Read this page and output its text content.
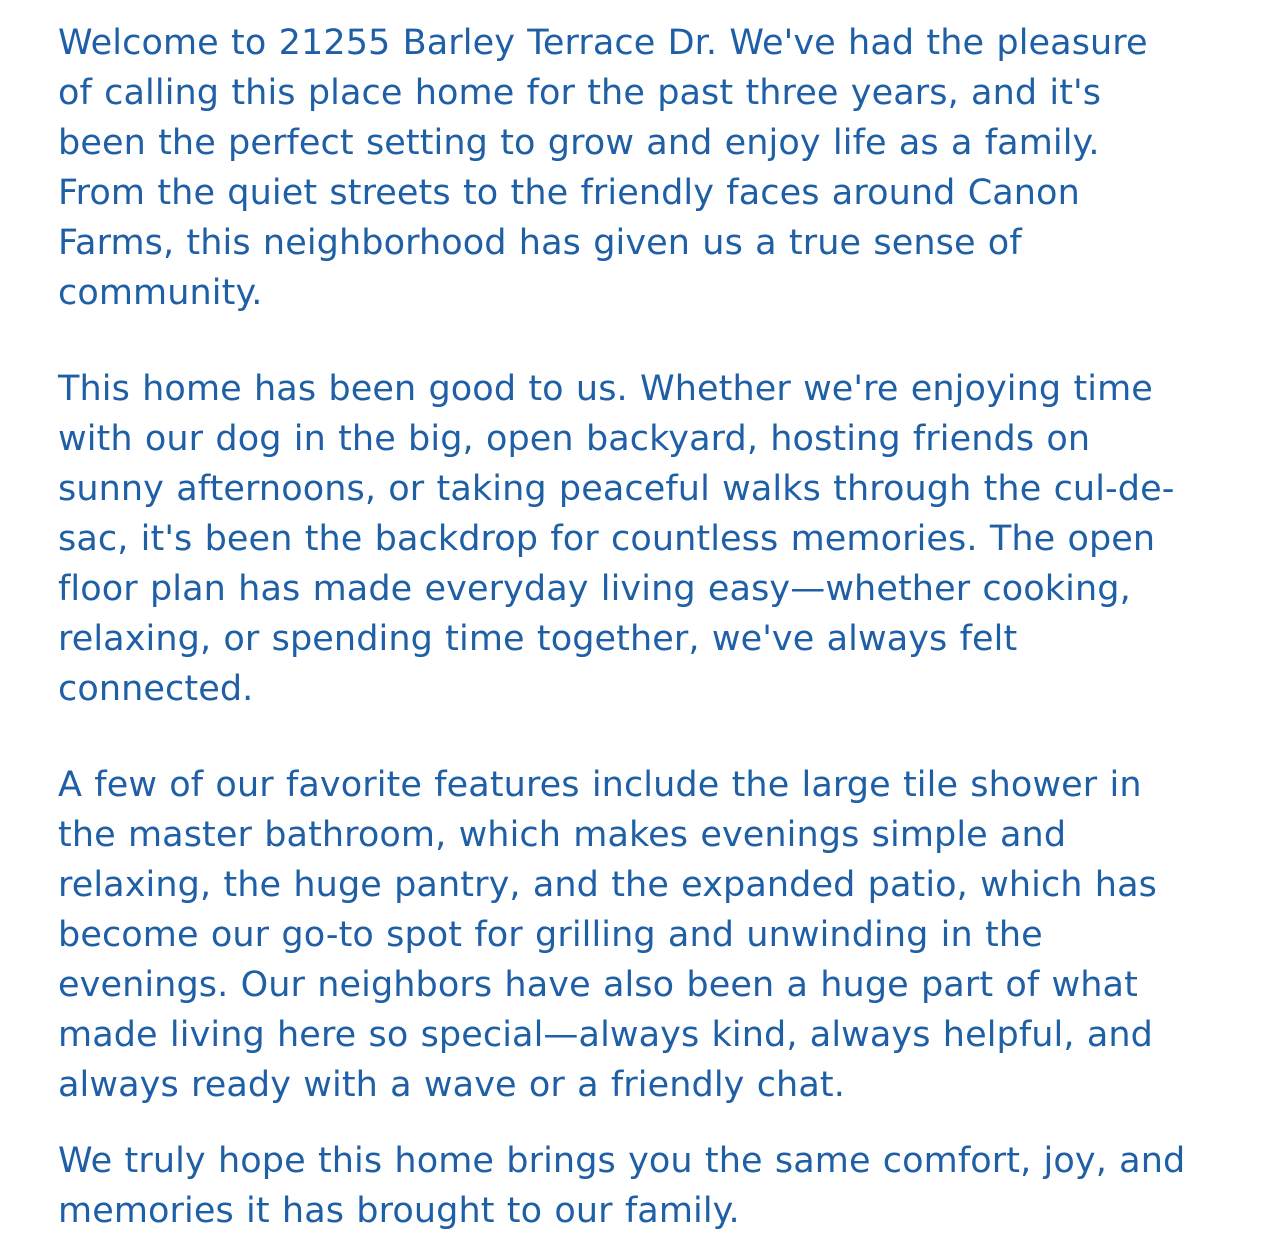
Welcome to 21255 Barley Terrace Dr. We've had the pleasure of calling this place home for the past three years, and it's been the perfect setting to grow and enjoy life as a family. From the quiet streets to the friendly faces around Canon Farms, this neighborhood has given us a true sense of community.

This home has been good to us. Whether we're enjoying time with our dog in the big, open backyard, hosting friends on sunny afternoons, or taking peaceful walks through the cul-de-sac, it's been the backdrop for countless memories. The open floor plan has made everyday living easy—whether cooking, relaxing, or spending time together, we've always felt connected.

A few of our favorite features include the large tile shower in the master bathroom, which makes evenings simple and relaxing, the huge pantry, and the expanded patio, which has become our go-to spot for grilling and unwinding in the evenings. Our neighbors have also been a huge part of what made living here so special—always kind, always helpful, and always ready with a wave or a friendly chat.

We truly hope this home brings you the same comfort, joy, and memories it has brought to our family.
